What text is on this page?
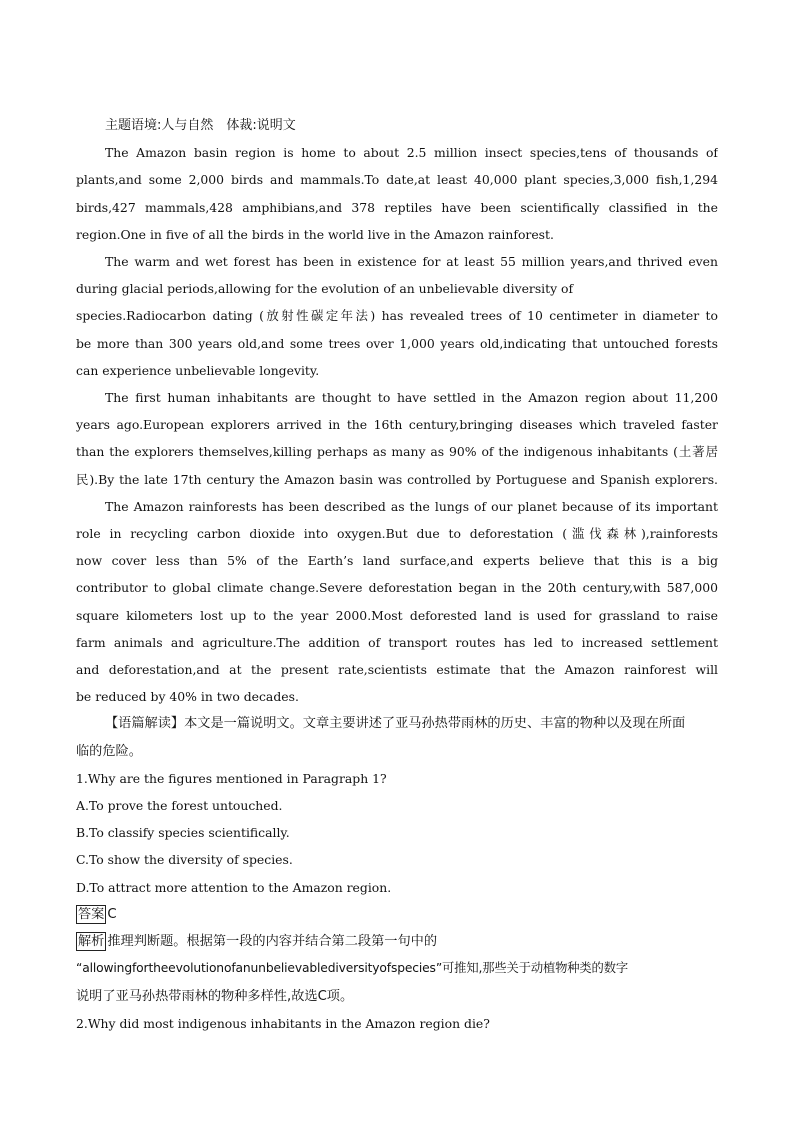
主题语境:人与自然　体裁:说明文
The Amazon basin region is home to about 2.5 million insect species,tens of thousands of
plants,and some 2,000 birds and mammals.To date,at least 40,000 plant species,3,000 fish,1,294
birds,427 mammals,428 amphibians,and 378 reptiles have been scientifically classified in the
region.One in five of all the birds in the world live in the Amazon rainforest.
The warm and wet forest has been in existence for at least 55 million years,and thrived even
during glacial periods,allowing for the evolution of an unbelievable diversity of
species.Radiocarbon dating (放射性碳定年法) has revealed trees of 10 centimeter in diameter to
be more than 300 years old,and some trees over 1,000 years old,indicating that untouched forests
can experience unbelievable longevity.
The first human inhabitants are thought to have settled in the Amazon region about 11,200
years ago.European explorers arrived in the 16th century,bringing diseases which traveled faster
than the explorers themselves,killing perhaps as many as 90% of the indigenous inhabitants (土著居
民).By the late 17th century the Amazon basin was controlled by Portuguese and Spanish explorers.
The Amazon rainforests has been described as the lungs of our planet because of its important
role in recycling carbon dioxide into oxygen.But due to deforestation (滥伐森林),rainforests
now cover less than 5% of the Earth’s land surface,and experts believe that this is a big
contributor to global climate change.Severe deforestation began in the 20th century,with 587,000
square kilometers lost up to the year 2000.Most deforested land is used for grassland to raise
farm animals and agriculture.The addition of transport routes has led to increased settlement
and deforestation,and at the present rate,scientists estimate that the Amazon rainforest will
be reduced by 40% in two decades.
【语篇解读】本文是一篇说明文。文章主要讲述了亚马孙热带雨林的历史、丰富的物种以及现在所面
临的危险。
1.Why are the figures mentioned in Paragraph 1?
A.To prove the forest untouched.
B.To classify species scientifically.
C.To show the diversity of species.
D.To attract more attention to the Amazon region.
答案 C
解析 推理判断题。根据第一段的内容并结合第二段第一句中的
“allowingfortheevolutionofanunbelievablediversityofspecies”可推知,那些关于动植物种类的数字
说明了亚马孙热带雨林的物种多样性,故选C项。
2.Why did most indigenous inhabitants in the Amazon region die?
